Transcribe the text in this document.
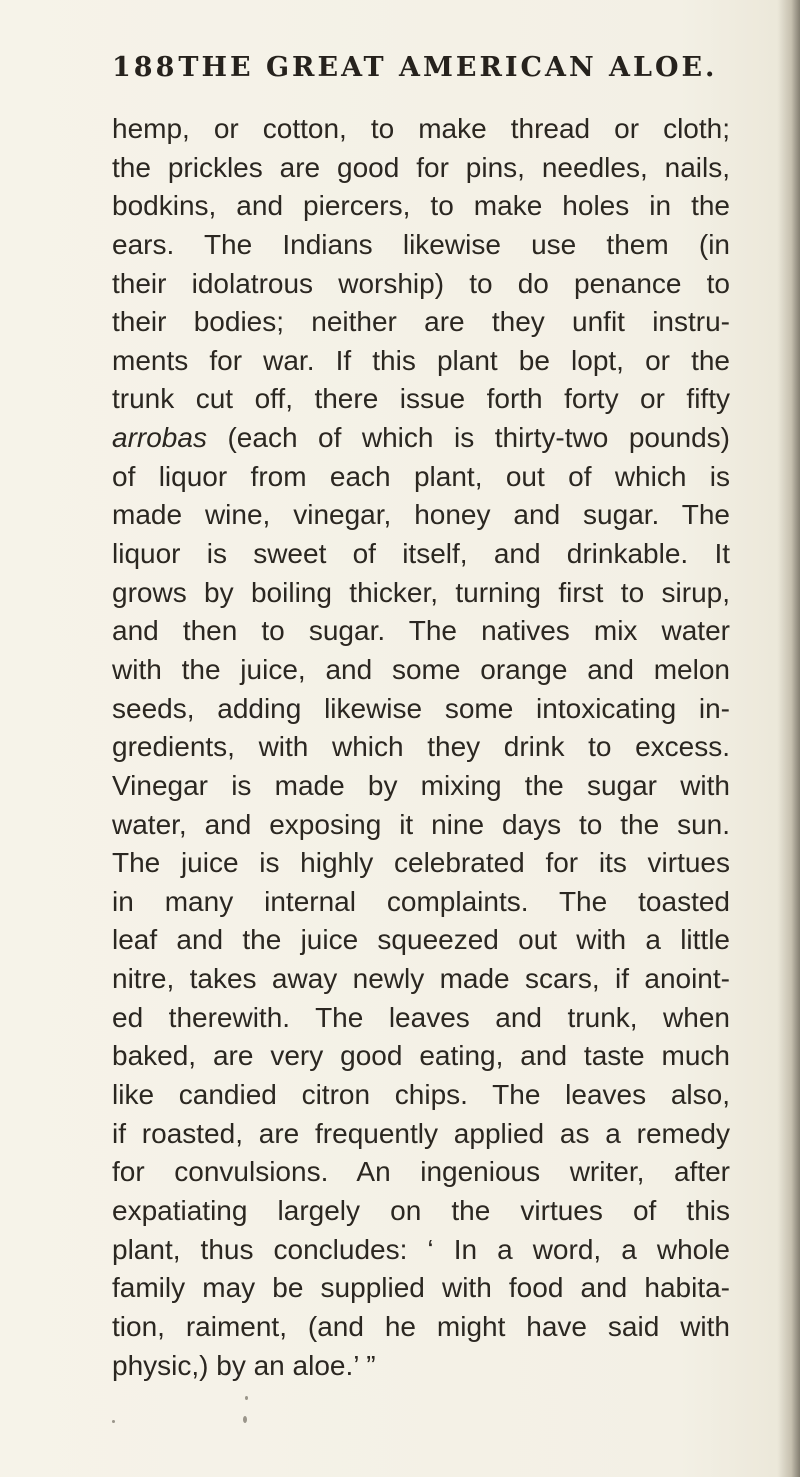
188 THE GREAT AMERICAN ALOE.
hemp, or cotton, to make thread or cloth;
the prickles are good for pins, needles, nails,
bodkins, and piercers, to make holes in the
ears. The Indians likewise use them (in
their idolatrous worship) to do penance to
their bodies; neither are they unfit instru-
ments for war. If this plant be lopt, or the
trunk cut off, there issue forth forty or fifty
arrobas (each of which is thirty-two pounds)
of liquor from each plant, out of which is
made wine, vinegar, honey and sugar. The
liquor is sweet of itself, and drinkable. It
grows by boiling thicker, turning first to sirup,
and then to sugar. The natives mix water
with the juice, and some orange and melon
seeds, adding likewise some intoxicating in-
gredients, with which they drink to excess.
Vinegar is made by mixing the sugar with
water, and exposing it nine days to the sun.
The juice is highly celebrated for its virtues
in many internal complaints. The toasted
leaf and the juice squeezed out with a little
nitre, takes away newly made scars, if anoint-
ed therewith. The leaves and trunk, when
baked, are very good eating, and taste much
like candied citron chips. The leaves also,
if roasted, are frequently applied as a remedy
for convulsions. An ingenious writer, after
expatiating largely on the virtues of this
plant, thus concludes: ‘ In a word, a whole
family may be supplied with food and habita-
tion, raiment, (and he might have said with
physic,) by an aloe.’ ”
